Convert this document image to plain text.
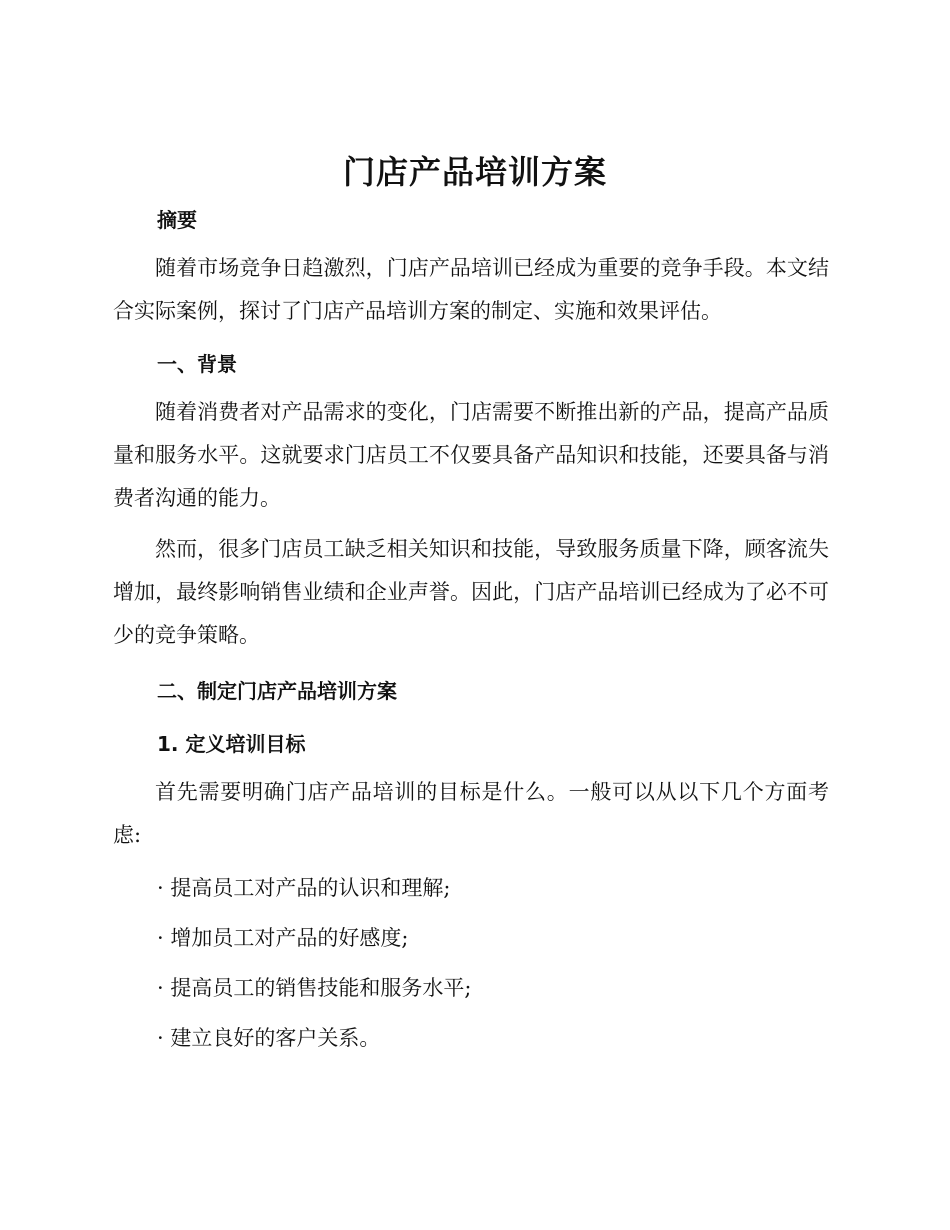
门店产品培训方案
摘要

随着市场竞争日趋激烈，门店产品培训已经成为重要的竞争手段。本文结合实际案例，探讨了门店产品培训方案的制定、实施和效果评估。

一、背景

随着消费者对产品需求的变化，门店需要不断推出新的产品，提高产品质量和服务水平。这就要求门店员工不仅要具备产品知识和技能，还要具备与消费者沟通的能力。

然而，很多门店员工缺乏相关知识和技能，导致服务质量下降，顾客流失增加，最终影响销售业绩和企业声誉。因此，门店产品培训已经成为了必不可少的竞争策略。

二、制定门店产品培训方案
1. 定义培训目标

首先需要明确门店产品培训的目标是什么。一般可以从以下几个方面考虑:

· 提高员工对产品的认识和理解;

· 增加员工对产品的好感度;

· 提高员工的销售技能和服务水平;

· 建立良好的客户关系。
